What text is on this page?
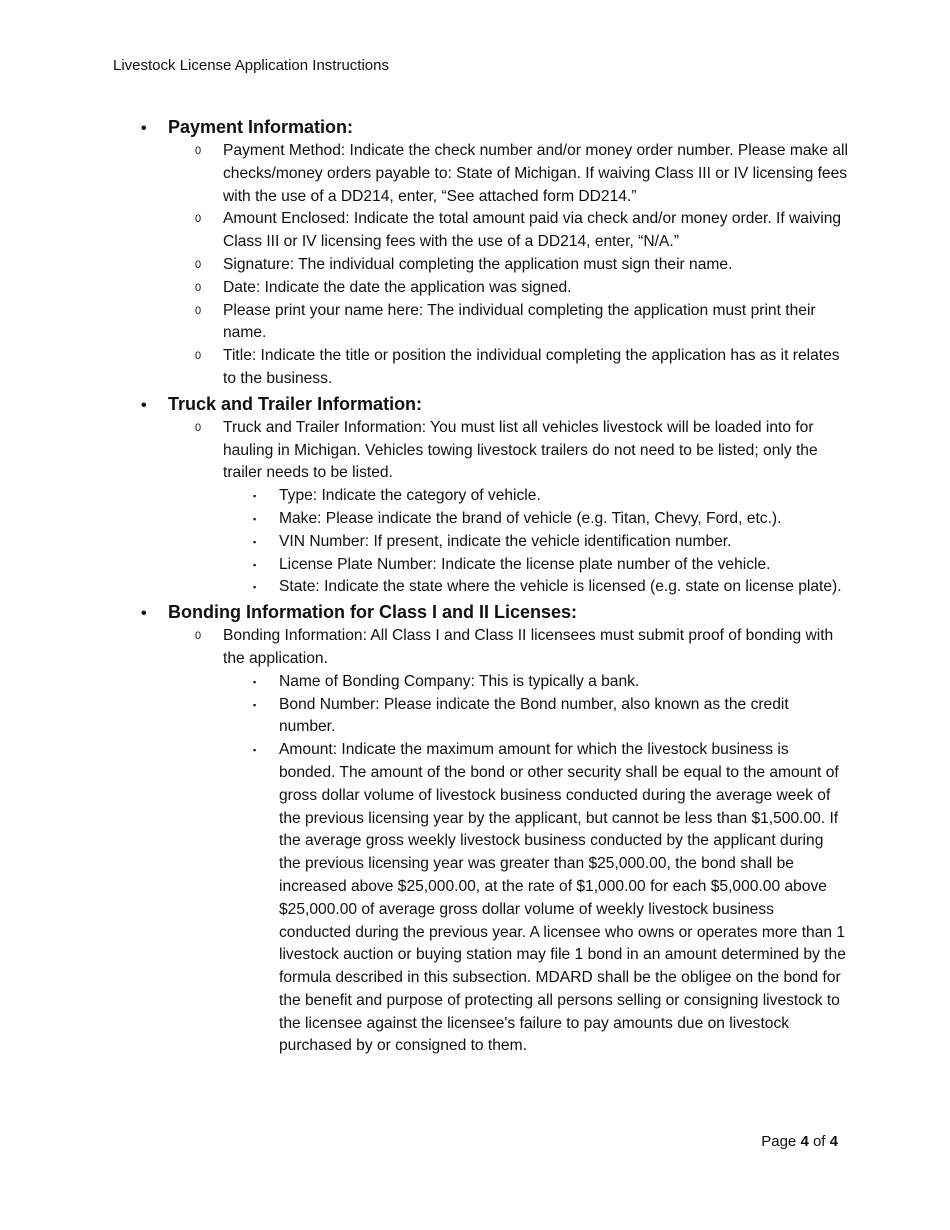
Livestock License Application Instructions
•	Payment Information:
0	Payment Method: Indicate the check number and/or money order number. Please make all checks/money orders payable to: State of Michigan. If waiving Class III or IV licensing fees with the use of a DD214, enter, “See attached form DD214.”
0	Amount Enclosed: Indicate the total amount paid via check and/or money order. If waiving Class III or IV licensing fees with the use of a DD214, enter, “N/A.”
0	Signature: The individual completing the application must sign their name.
0	Date: Indicate the date the application was signed.
0	Please print your name here: The individual completing the application must print their name.
0	Title: Indicate the title or position the individual completing the application has as it relates to the business.
•	Truck and Trailer Information:
0	Truck and Trailer Information: You must list all vehicles livestock will be loaded into for hauling in Michigan. Vehicles towing livestock trailers do not need to be listed; only the trailer needs to be listed.
▪	Type: Indicate the category of vehicle.
▪	Make: Please indicate the brand of vehicle (e.g. Titan, Chevy, Ford, etc.).
▪	VIN Number: If present, indicate the vehicle identification number.
▪	License Plate Number: Indicate the license plate number of the vehicle.
▪	State: Indicate the state where the vehicle is licensed (e.g. state on license plate).
•	Bonding Information for Class I and II Licenses:
0	Bonding Information: All Class I and Class II licensees must submit proof of bonding with the application.
▪	Name of Bonding Company: This is typically a bank.
▪	Bond Number: Please indicate the Bond number, also known as the credit number.
▪	Amount: Indicate the maximum amount for which the livestock business is bonded. The amount of the bond or other security shall be equal to the amount of gross dollar volume of livestock business conducted during the average week of the previous licensing year by the applicant, but cannot be less than $1,500.00. If the average gross weekly livestock business conducted by the applicant during the previous licensing year was greater than $25,000.00, the bond shall be increased above $25,000.00, at the rate of $1,000.00 for each $5,000.00 above $25,000.00 of average gross dollar volume of weekly livestock business conducted during the previous year. A licensee who owns or operates more than 1 livestock auction or buying station may file 1 bond in an amount determined by the formula described in this subsection. MDARD shall be the obligee on the bond for the benefit and purpose of protecting all persons selling or consigning livestock to the licensee against the licensee's failure to pay amounts due on livestock purchased by or consigned to them.
Page 4 of 4
